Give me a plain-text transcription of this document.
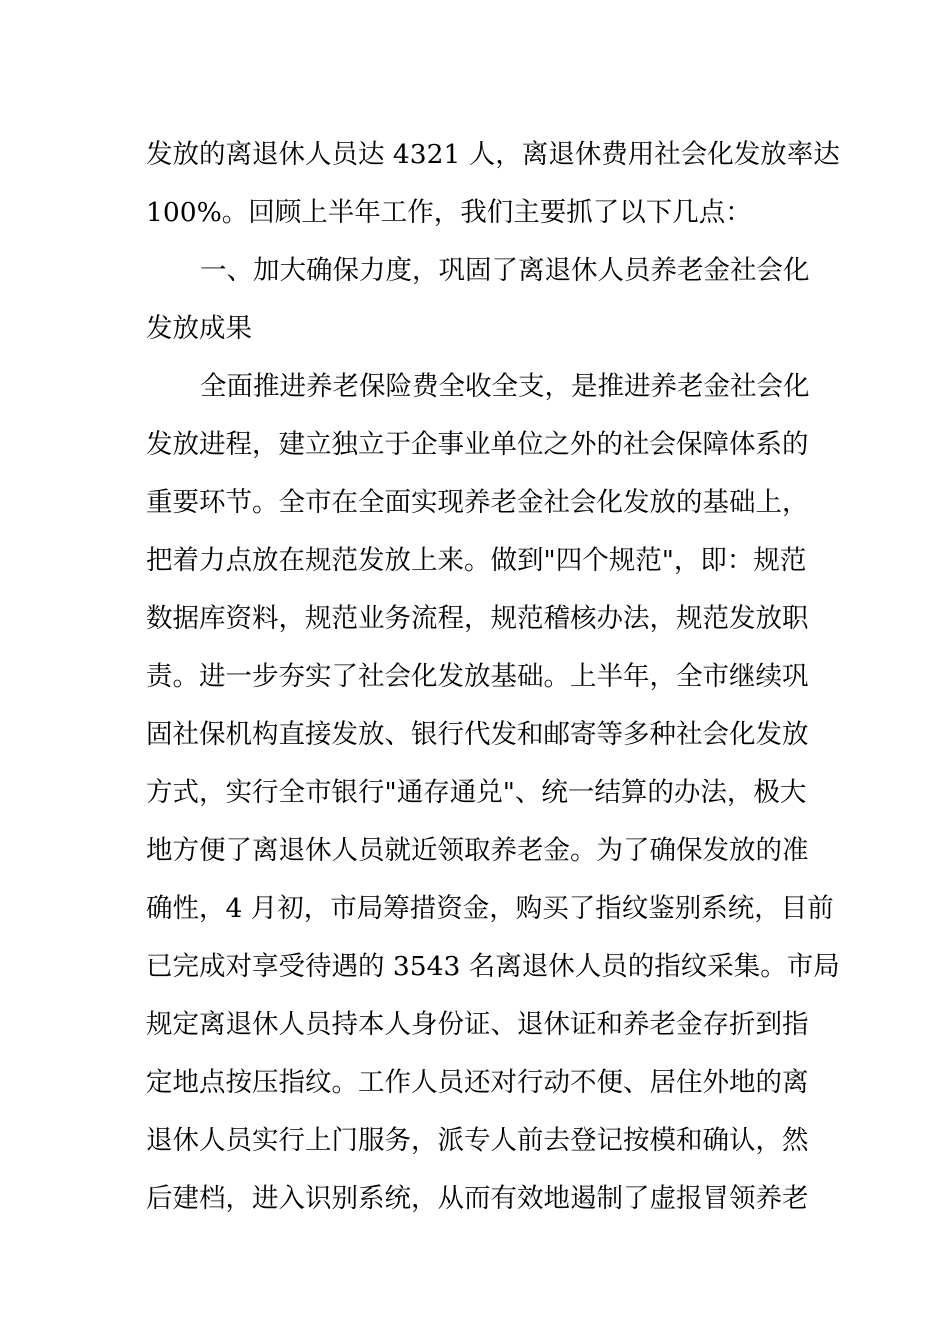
发放的离退休人员达 4321 人，离退休费用社会化发放率达
100%。回顾上半年工作，我们主要抓了以下几点：
一、加大确保力度，巩固了离退休人员养老金社会化
发放成果
全面推进养老保险费全收全支，是推进养老金社会化
发放进程，建立独立于企事业单位之外的社会保障体系的
重要环节。全市在全面实现养老金社会化发放的基础上，
把着力点放在规范发放上来。做到"四个规范"，即：规范
数据库资料，规范业务流程，规范稽核办法，规范发放职
责。进一步夯实了社会化发放基础。上半年，全市继续巩
固社保机构直接发放、银行代发和邮寄等多种社会化发放
方式，实行全市银行"通存通兑"、统一结算的办法，极大
地方便了离退休人员就近领取养老金。为了确保发放的准
确性，4 月初，市局筹措资金，购买了指纹鉴别系统，目前
已完成对享受待遇的 3543 名离退休人员的指纹采集。市局
规定离退休人员持本人身份证、退休证和养老金存折到指
定地点按压指纹。工作人员还对行动不便、居住外地的离
退休人员实行上门服务，派专人前去登记按模和确认，然
后建档，进入识别系统，从而有效地遏制了虚报冒领养老
